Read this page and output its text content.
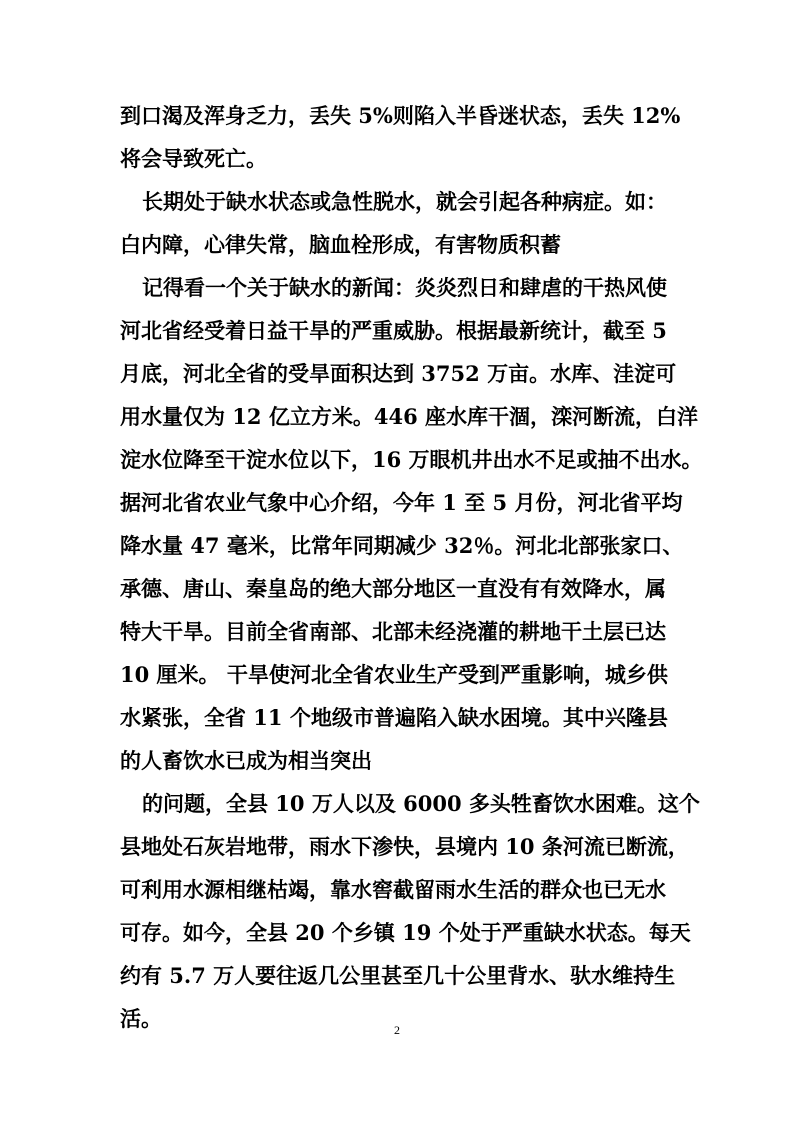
到口渴及浑身乏力，丢失 5%则陷入半昏迷状态，丢失 12%
将会导致死亡。
长期处于缺水状态或急性脱水，就会引起各种病症。如：
白内障，心律失常，脑血栓形成，有害物质积蓄
记得看一个关于缺水的新闻：炎炎烈日和肆虐的干热风使
河北省经受着日益干旱的严重威胁。根据最新统计，截至 5
月底，河北全省的受旱面积达到 3752 万亩。水库、洼淀可
用水量仅为 12 亿立方米。446 座水库干涸，滦河断流，白洋
淀水位降至干淀水位以下，16 万眼机井出水不足或抽不出水。
据河北省农业气象中心介绍，今年 1 至 5 月份，河北省平均
降水量 47 毫米，比常年同期减少 32％。河北北部张家口、
承德、唐山、秦皇岛的绝大部分地区一直没有有效降水，属
特大干旱。目前全省南部、北部未经浇灌的耕地干土层已达
10 厘米。 干旱使河北全省农业生产受到严重影响，城乡供
水紧张，全省 11 个地级市普遍陷入缺水困境。其中兴隆县
的人畜饮水已成为相当突出
的问题，全县 10 万人以及 6000 多头牲畜饮水困难。这个
县地处石灰岩地带，雨水下渗快，县境内 10 条河流已断流，
可利用水源相继枯竭，靠水窖截留雨水生活的群众也已无水
可存。如今，全县 20 个乡镇 19 个处于严重缺水状态。每天
约有 5.7 万人要往返几公里甚至几十公里背水、驮水维持生
活。	2
